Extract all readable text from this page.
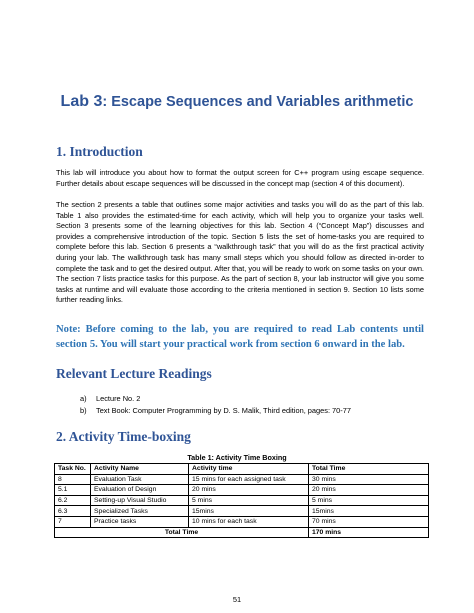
Lab 3: Escape Sequences and Variables arithmetic
1. Introduction
This lab will introduce you about how to format the output screen for C++ program using escape sequence. Further details about escape sequences will be discussed in the concept map (section 4 of this document).
The section 2 presents a table that outlines some major activities and tasks you will do as the part of this lab. Table 1 also provides the estimated-time for each activity, which will help you to organize your tasks well. Section 3 presents some of the learning objectives for this lab. Section 4 (“Concept Map”) discusses and provides a comprehensive introduction of the topic. Section 5 lists the set of home-tasks you are required to complete before this lab. Section 6 presents a “walkthrough task” that you will do as the first practical activity during your lab. The walkthrough task has many small steps which you should follow as directed in-order to complete the task and to get the desired output. After that, you will be ready to work on some tasks on your own. The section 7 lists practice tasks for this purpose. As the part of section 8, your lab instructor will give you some tasks at runtime and will evaluate those according to the criteria mentioned in section 9. Section 10 lists some further reading links.
Note: Before coming to the lab, you are required to read Lab contents until section 5. You will start your practical work from section 6 onward in the lab.
Relevant Lecture Readings
a) Lecture No. 2
b) Text Book: Computer Programming by D. S. Malik, Third edition, pages: 70-77
2. Activity Time-boxing
Table 1: Activity Time Boxing
Task No.	Activity Name	Activity time	Total Time
8	Evaluation Task	15 mins for each assigned task	30 mins
5.1	Evaluation of Design	20 mins	20 mins
6.2	Setting-up Visual Studio	5 mins	5 mins
6.3	Specialized Tasks	15mins	15mins
7	Practice tasks	10 mins for each task	70 mins
Total Time			170 mins
51
